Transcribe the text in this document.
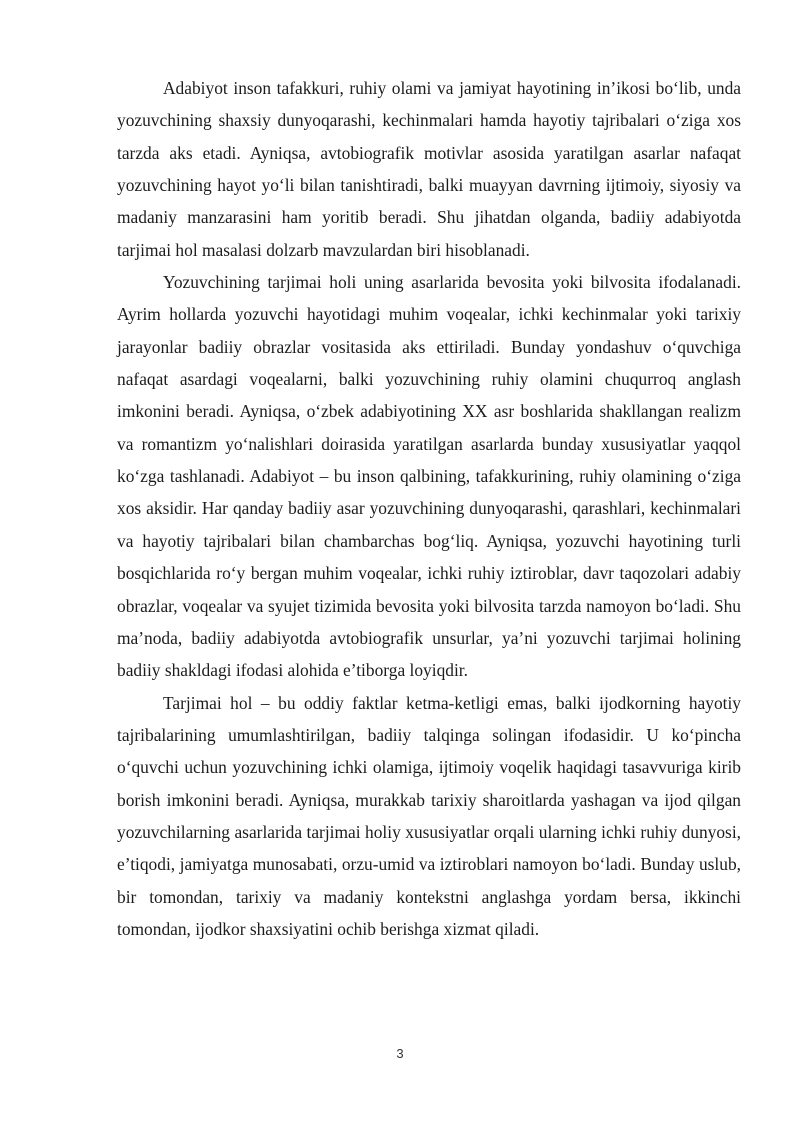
Adabiyot inson tafakkuri, ruhiy olami va jamiyat hayotining in’ikosi bo‘lib, unda yozuvchining shaxsiy dunyoqarashi, kechinmalari hamda hayotiy tajribalari o‘ziga xos tarzda aks etadi. Ayniqsa, avtobiografik motivlar asosida yaratilgan asarlar nafaqat yozuvchining hayot yo‘li bilan tanishtiradi, balki muayyan davrning ijtimoiy, siyosiy va madaniy manzarasini ham yoritib beradi. Shu jihatdan olganda, badiiy adabiyotda tarjimai hol masalasi dolzarb mavzulardan biri hisoblanadi.

Yozuvchining tarjimai holi uning asarlarida bevosita yoki bilvosita ifodalanadi. Ayrim hollarda yozuvchi hayotidagi muhim voqealar, ichki kechinmalar yoki tarixiy jarayonlar badiiy obrazlar vositasida aks ettiriladi. Bunday yondashuv o‘quvchiga nafaqat asardagi voqealarni, balki yozuvchining ruhiy olamini chuqurroq anglash imkonini beradi. Ayniqsa, o‘zbek adabiyotining XX asr boshlarida shakllangan realizm va romantizm yo‘nalishlari doirasida yaratilgan asarlarda bunday xususiyatlar yaqqol ko‘zga tashlanadi. Adabiyot – bu inson qalbining, tafakkurining, ruhiy olamining o‘ziga xos aksidir. Har qanday badiiy asar yozuvchining dunyoqarashi, qarashlari, kechinmalari va hayotiy tajribalari bilan chambarchas bog‘liq. Ayniqsa, yozuvchi hayotining turli bosqichlarida ro‘y bergan muhim voqealar, ichki ruhiy iztiroblar, davr taqozolari adabiy obrazlar, voqealar va syujet tizimida bevosita yoki bilvosita tarzda namoyon bo‘ladi. Shu ma’noda, badiiy adabiyotda avtobiografik unsurlar, ya’ni yozuvchi tarjimai holining badiiy shakldagi ifodasi alohida e’tiborga loyiqdir.

Tarjimai hol – bu oddiy faktlar ketma-ketligi emas, balki ijodkorning hayotiy tajribalarining umumlashtirilgan, badiiy talqinga solingan ifodasidir. U ko‘pincha o‘quvchi uchun yozuvchining ichki olamiga, ijtimoiy voqelik haqidagi tasavvuriga kirib borish imkonini beradi. Ayniqsa, murakkab tarixiy sharoitlarda yashagan va ijod qilgan yozuvchilarning asarlarida tarjimai holiy xususiyatlar orqali ularning ichki ruhiy dunyosi, e’tiqodi, jamiyatga munosabati, orzu-umid va iztiroblari namoyon bo‘ladi. Bunday uslub, bir tomondan, tarixiy va madaniy kontekstni anglashga yordam bersa, ikkinchi tomondan, ijodkor shaxsiyatini ochib berishga xizmat qiladi.

3
